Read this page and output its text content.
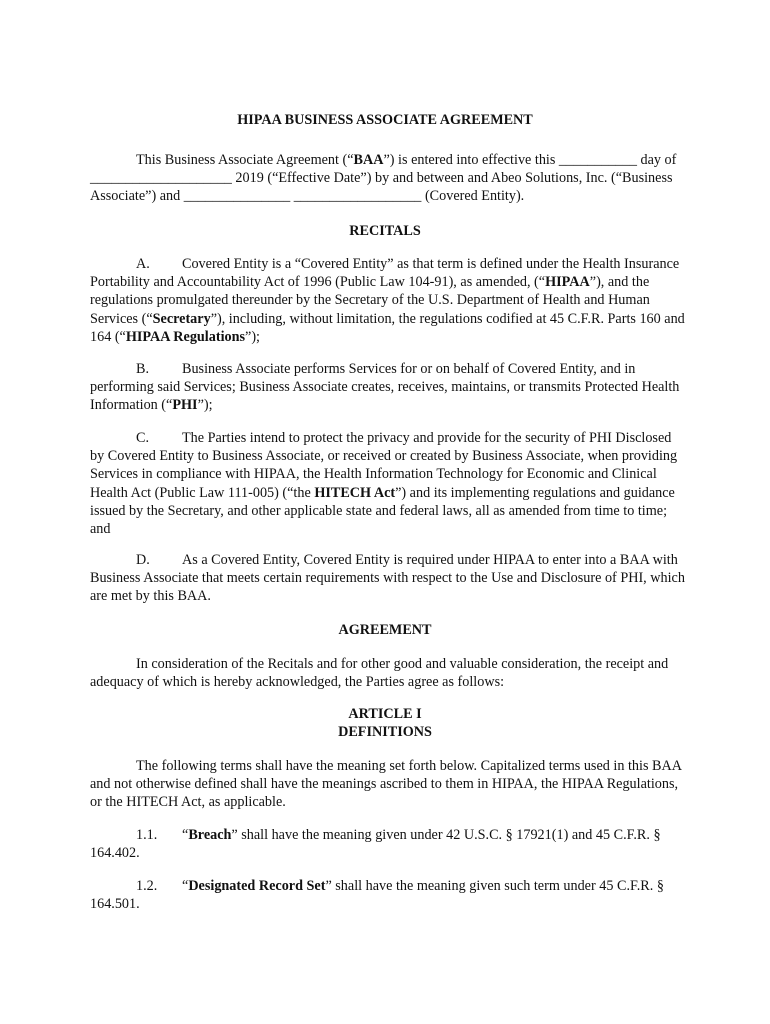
HIPAA BUSINESS ASSOCIATE AGREEMENT
This Business Associate Agreement (“BAA”) is entered into effective this ___________ day of ____________________ 2019 (“Effective Date”) by and between and Abeo Solutions, Inc. (“Business Associate”) and _______________ __________________ (Covered Entity).
RECITALS
A. Covered Entity is a “Covered Entity” as that term is defined under the Health Insurance Portability and Accountability Act of 1996 (Public Law 104-91), as amended, (“HIPAA”), and the regulations promulgated thereunder by the Secretary of the U.S. Department of Health and Human Services (“Secretary”), including, without limitation, the regulations codified at 45 C.F.R. Parts 160 and 164 (“HIPAA Regulations”);
B. Business Associate performs Services for or on behalf of Covered Entity, and in performing said Services; Business Associate creates, receives, maintains, or transmits Protected Health Information (“PHI”);
C. The Parties intend to protect the privacy and provide for the security of PHI Disclosed by Covered Entity to Business Associate, or received or created by Business Associate, when providing Services in compliance with HIPAA, the Health Information Technology for Economic and Clinical Health Act (Public Law 111-005) (“the HITECH Act”) and its implementing regulations and guidance issued by the Secretary, and other applicable state and federal laws, all as amended from time to time; and
D. As a Covered Entity, Covered Entity is required under HIPAA to enter into a BAA with Business Associate that meets certain requirements with respect to the Use and Disclosure of PHI, which are met by this BAA.
AGREEMENT
In consideration of the Recitals and for other good and valuable consideration, the receipt and adequacy of which is hereby acknowledged, the Parties agree as follows:
ARTICLE I
DEFINITIONS
The following terms shall have the meaning set forth below. Capitalized terms used in this BAA and not otherwise defined shall have the meanings ascribed to them in HIPAA, the HIPAA Regulations, or the HITECH Act, as applicable.
1.1. “Breach” shall have the meaning given under 42 U.S.C. § 17921(1) and 45 C.F.R. § 164.402.
1.2. “Designated Record Set” shall have the meaning given such term under 45 C.F.R. § 164.501.
